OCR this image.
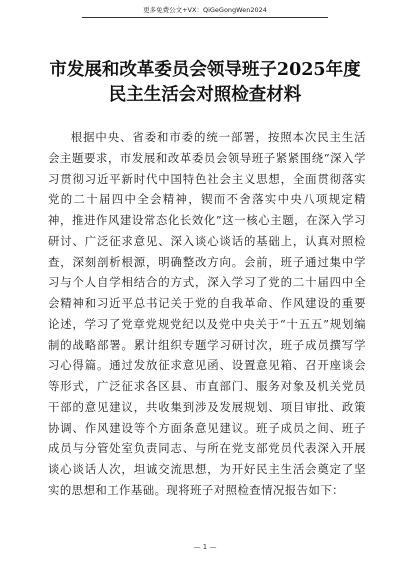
更多免费公文+VX：QiGeGongWen2024
市发展和改革委员会领导班子2025年度
民主生活会对照检查材料

根据中央、省委和市委的统一部署，按照本次民主生活会主题要求，市发展和改革委员会领导班子紧紧围绕“深入学习贯彻习近平新时代中国特色社会主义思想，全面贯彻落实党的二十届四中全会精神，锲而不舍落实中央八项规定精神，推进作风建设常态化长效化”这一核心主题，在深入学习研讨、广泛征求意见、深入谈心谈话的基础上，认真对照检查，深刻剖析根源，明确整改方向。会前，班子通过集中学习与个人自学相结合的方式，深入学习了党的二十届四中全会精神和习近平总书记关于党的自我革命、作风建设的重要论述，学习了党章党规党纪以及党中央关于“十五五”规划编制的战略部署。累计组织专题学习研讨次，班子成员撰写学习心得篇。通过发放征求意见函、设置意见箱、召开座谈会等形式，广泛征求各区县、市直部门、服务对象及机关党员干部的意见建议，共收集到涉及发展规划、项目审批、政策协调、作风建设等个方面条意见建议。班子成员之间、班子成员与分管处室负责同志、与所在党支部党员代表深入开展谈心谈话人次，坦诚交流思想，为开好民主生活会奠定了坚实的思想和工作基础。现将班子对照检查情况报告如下：

— 1 —
